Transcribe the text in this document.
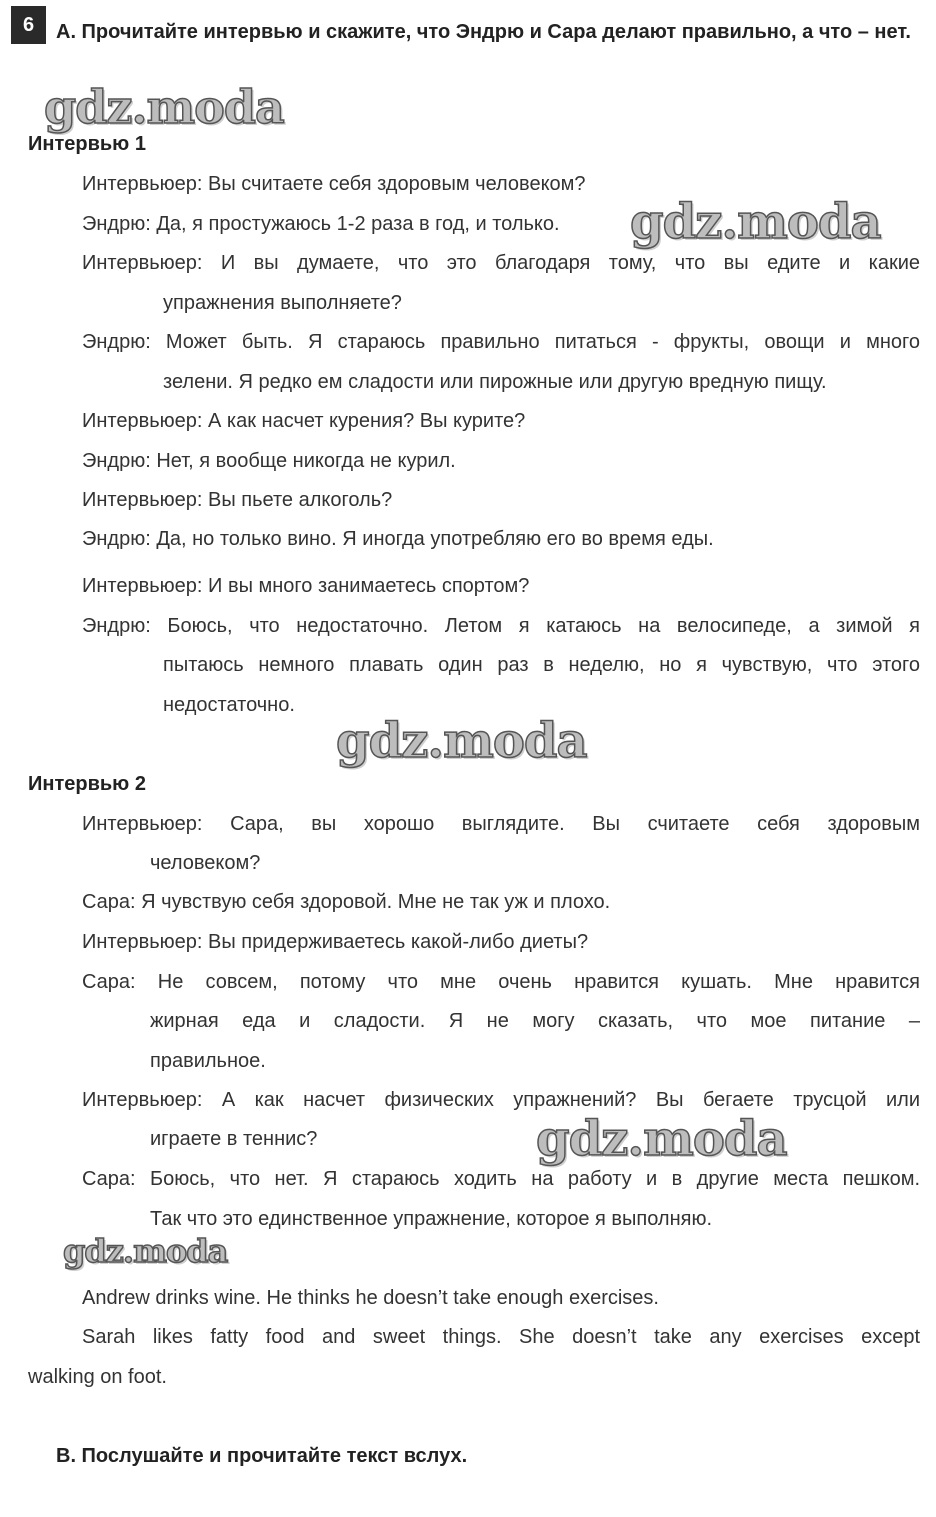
6	A. Прочитайте интервью и скажите, что Эндрю и Сара делают правильно, а что – нет.
Интервью 1
Интервьюер: Вы считаете себя здоровым человеком?
Эндрю: Да, я простужаюсь 1-2 раза в год, и только.
Интервьюер: И вы думаете, что это благодаря тому, что вы едите и какие
упражнения выполняете?
Эндрю: Может быть. Я стараюсь правильно питаться - фрукты, овощи и много
зелени. Я редко ем сладости или пирожные или другую вредную пищу.
Интервьюер: А как насчет курения? Вы курите?
Эндрю: Нет, я вообще никогда не курил.
Интервьюер: Вы пьете алкоголь?
Эндрю: Да, но только вино. Я иногда употребляю его во время еды.
Интервьюер: И вы много занимаетесь спортом?
Эндрю: Боюсь, что недостаточно. Летом я катаюсь на велосипеде, а зимой я
пытаюсь немного плавать один раз в неделю, но я чувствую, что этого
недостаточно.
Интервью 2
Интервьюер: Сара, вы хорошо выглядите. Вы считаете себя здоровым
человеком?
Сара: Я чувствую себя здоровой. Мне не так уж и плохо.
Интервьюер: Вы придерживаетесь какой-либо диеты?
Сара: Не совсем, потому что мне очень нравится кушать. Мне нравится
жирная еда и сладости. Я не могу сказать, что мое питание –
правильное.
Интервьюер: А как насчет физических упражнений? Вы бегаете трусцой или
играете в теннис?
Сара: Боюсь, что нет. Я стараюсь ходить на работу и в другие места пешком.
Так что это единственное упражнение, которое я выполняю.
Andrew drinks wine. He thinks he doesn’t take enough exercises.
Sarah likes fatty food and sweet things. She doesn’t take any exercises except
walking on foot.
B. Послушайте и прочитайте текст вслух.
gdz.moda
gdz.moda
gdz.moda
gdz.moda
gdz.moda
